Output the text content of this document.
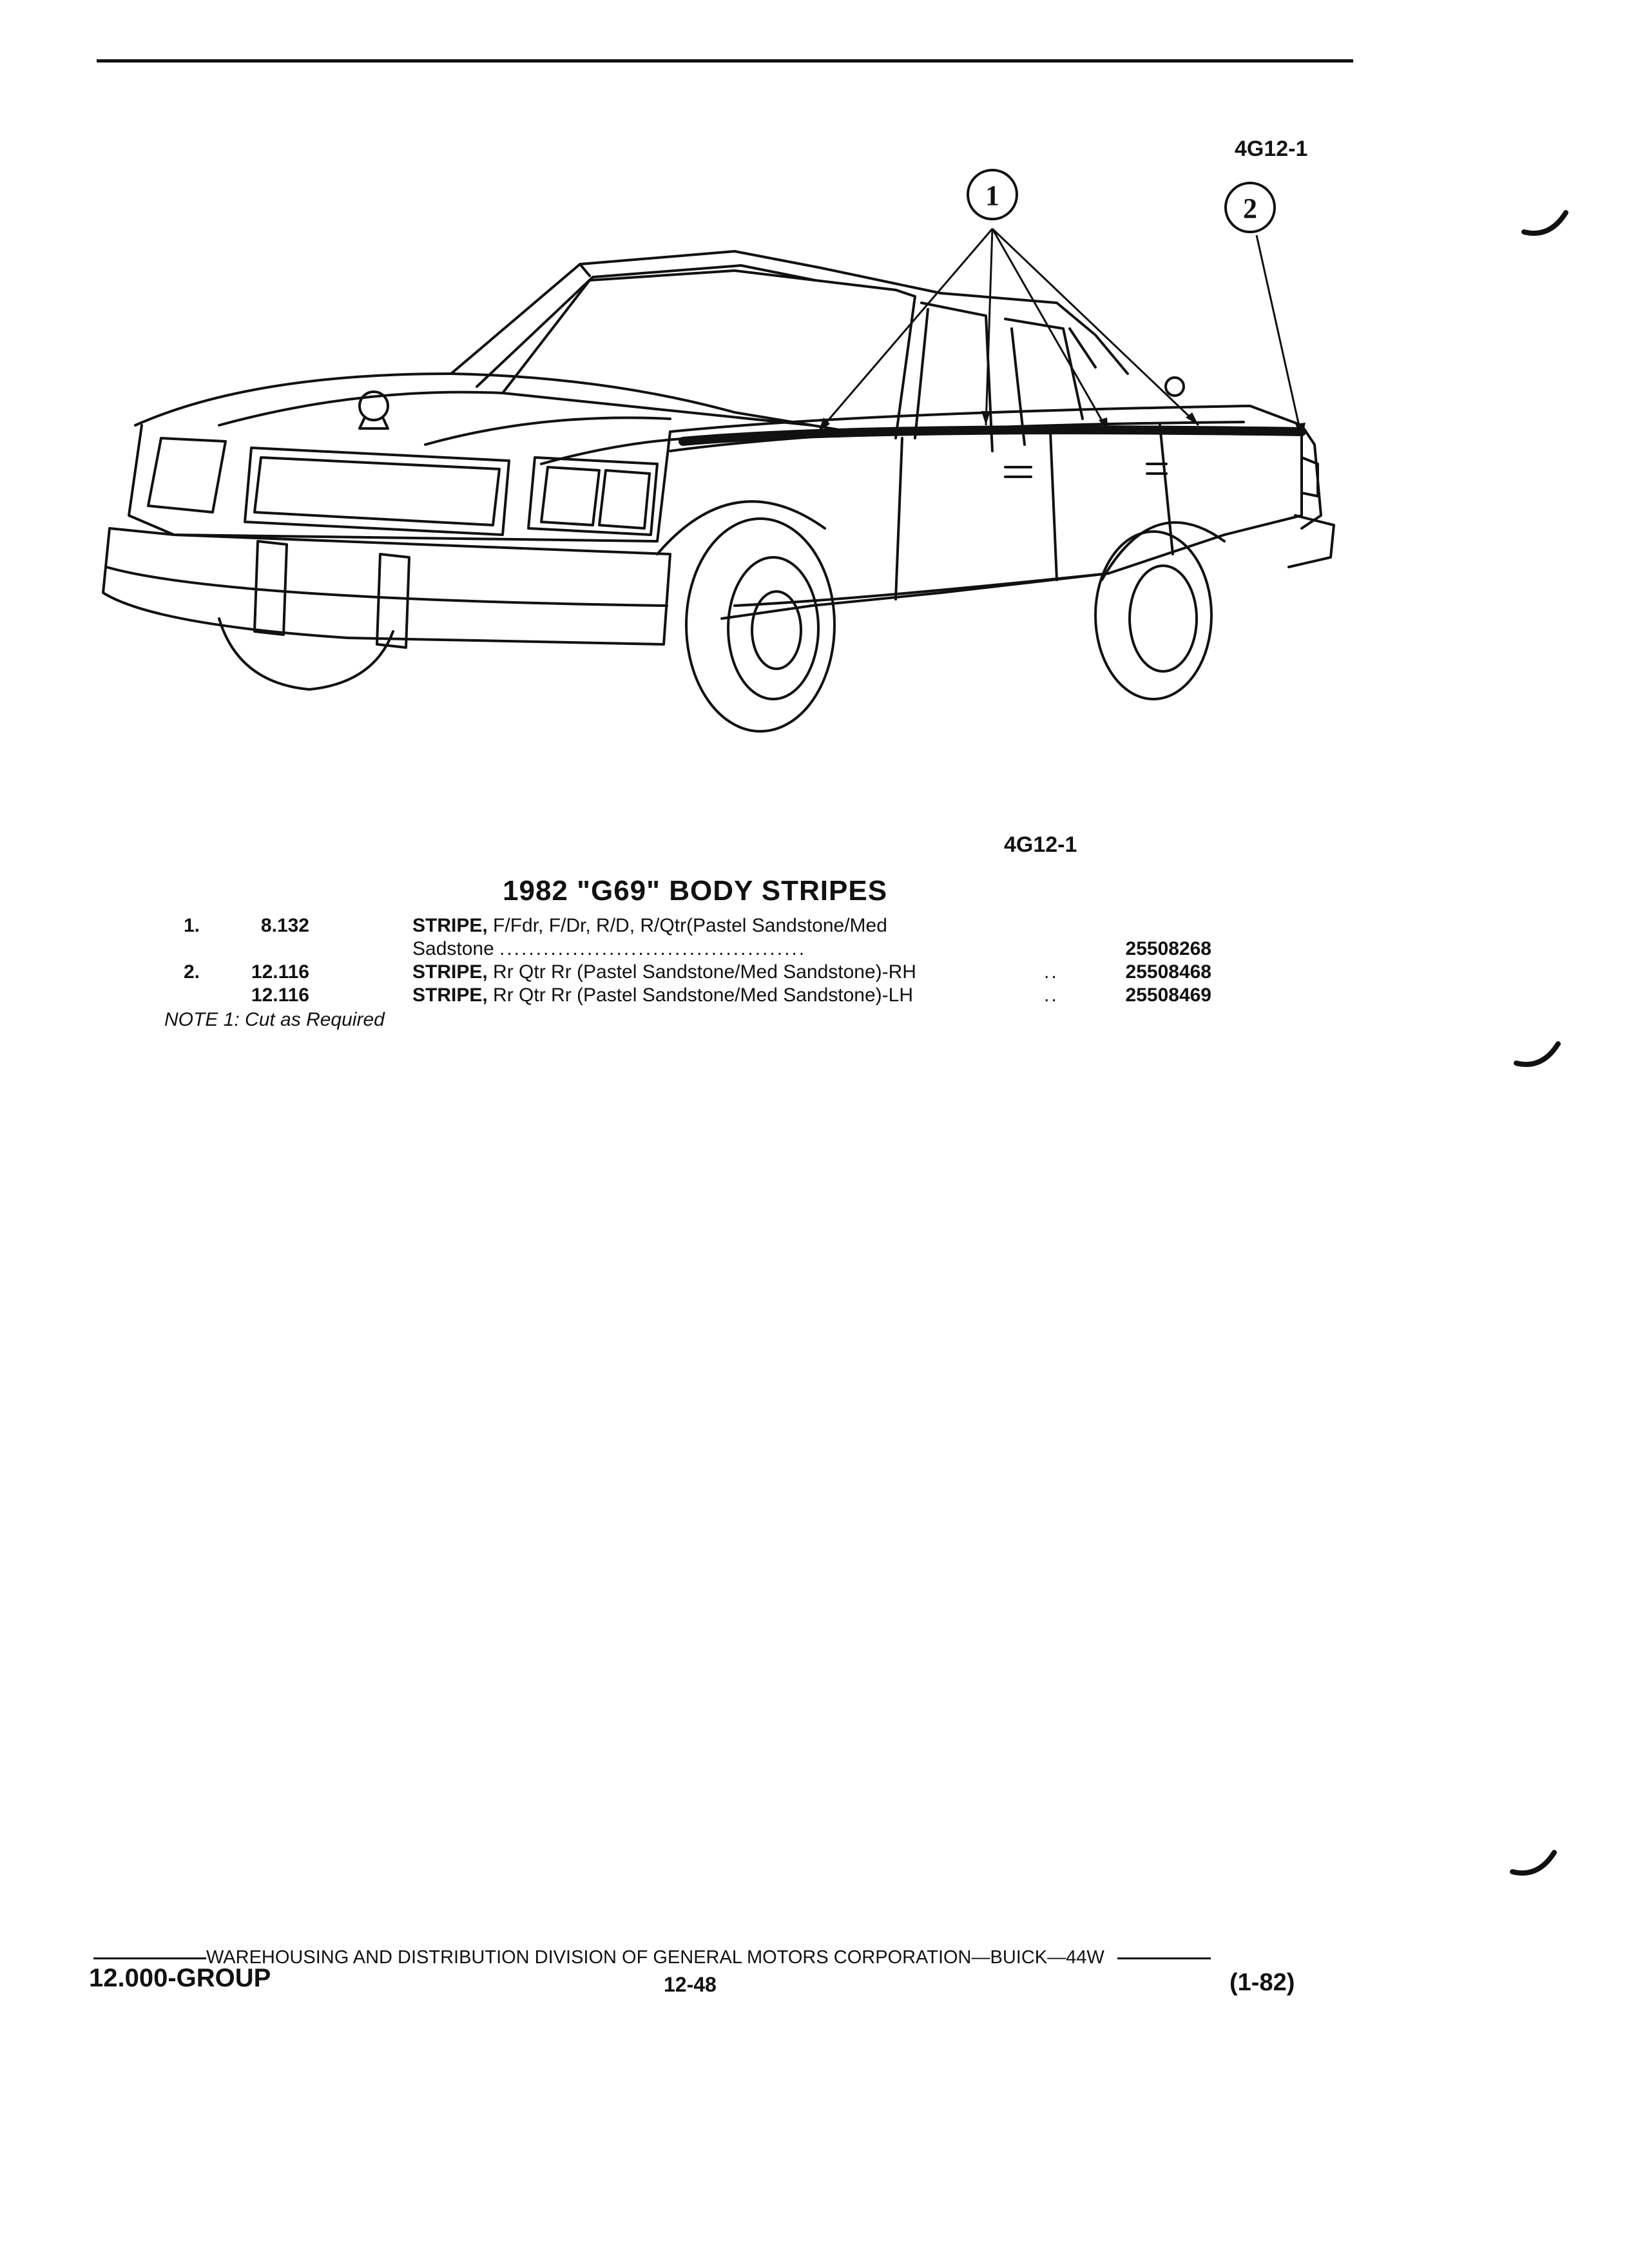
4G12-1
1	2
4G12-1
1982 "G69" BODY STRIPES
1.	8.132	STRIPE, F/Fdr, F/Dr, R/D, R/Qtr(Pastel Sandstone/Med
Sadstone ..........................................	25508268
2.	12.116	STRIPE, Rr Qtr Rr (Pastel Sandstone/Med Sandstone)-RH	..	25508468
12.116	STRIPE, Rr Qtr Rr (Pastel Sandstone/Med Sandstone)-LH	..	25508469
NOTE 1: Cut as Required
WAREHOUSING AND DISTRIBUTION DIVISION OF GENERAL MOTORS CORPORATION—BUICK—44W
12.000-GROUP	12-48	(1-82)
